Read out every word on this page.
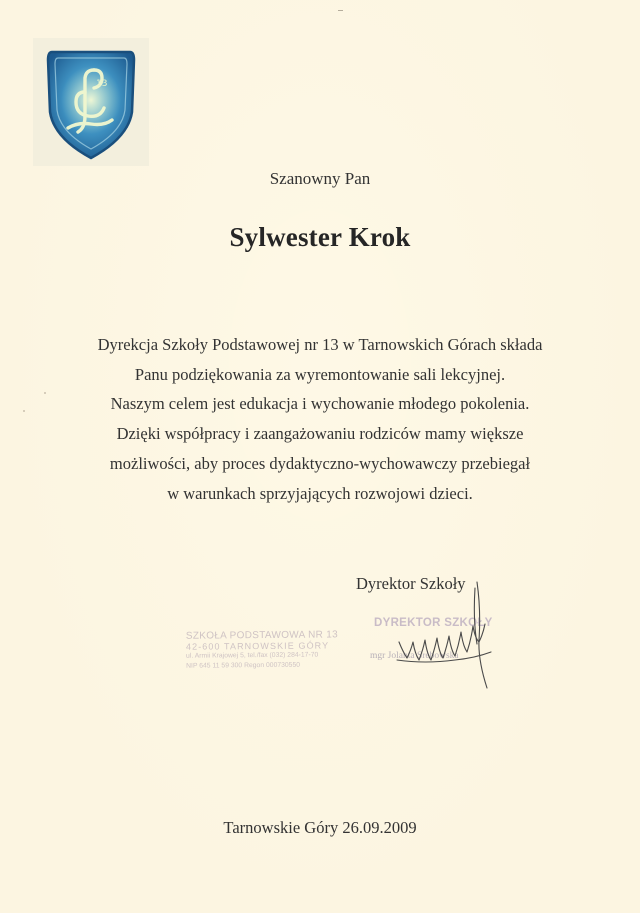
13
Szanowny Pan
Sylwester Krok
Dyrekcja Szkoły Podstawowej nr 13 w Tarnowskich Górach składa
Panu podziękowania za wyremontowanie sali lekcyjnej.
Naszym celem jest edukacja i wychowanie młodego pokolenia.
Dzięki współpracy i zaangażowaniu rodziców mamy większe
możliwości, aby proces dydaktyczno-wychowawczy przebiegał
w warunkach sprzyjających rozwojowi dzieci.
SZKOŁA PODSTAWOWA NR 13
42-600 TARNOWSKIE GÓRY
ul. Armii Krajowej 5, tel./fax (032) 284-17-70
NIP 645 11 59 300 Regon 000730550
Dyrektor Szkoły
DYREKTOR SZKOŁY
mgr Jolanta Srebowska
Tarnowskie Góry 26.09.2009
